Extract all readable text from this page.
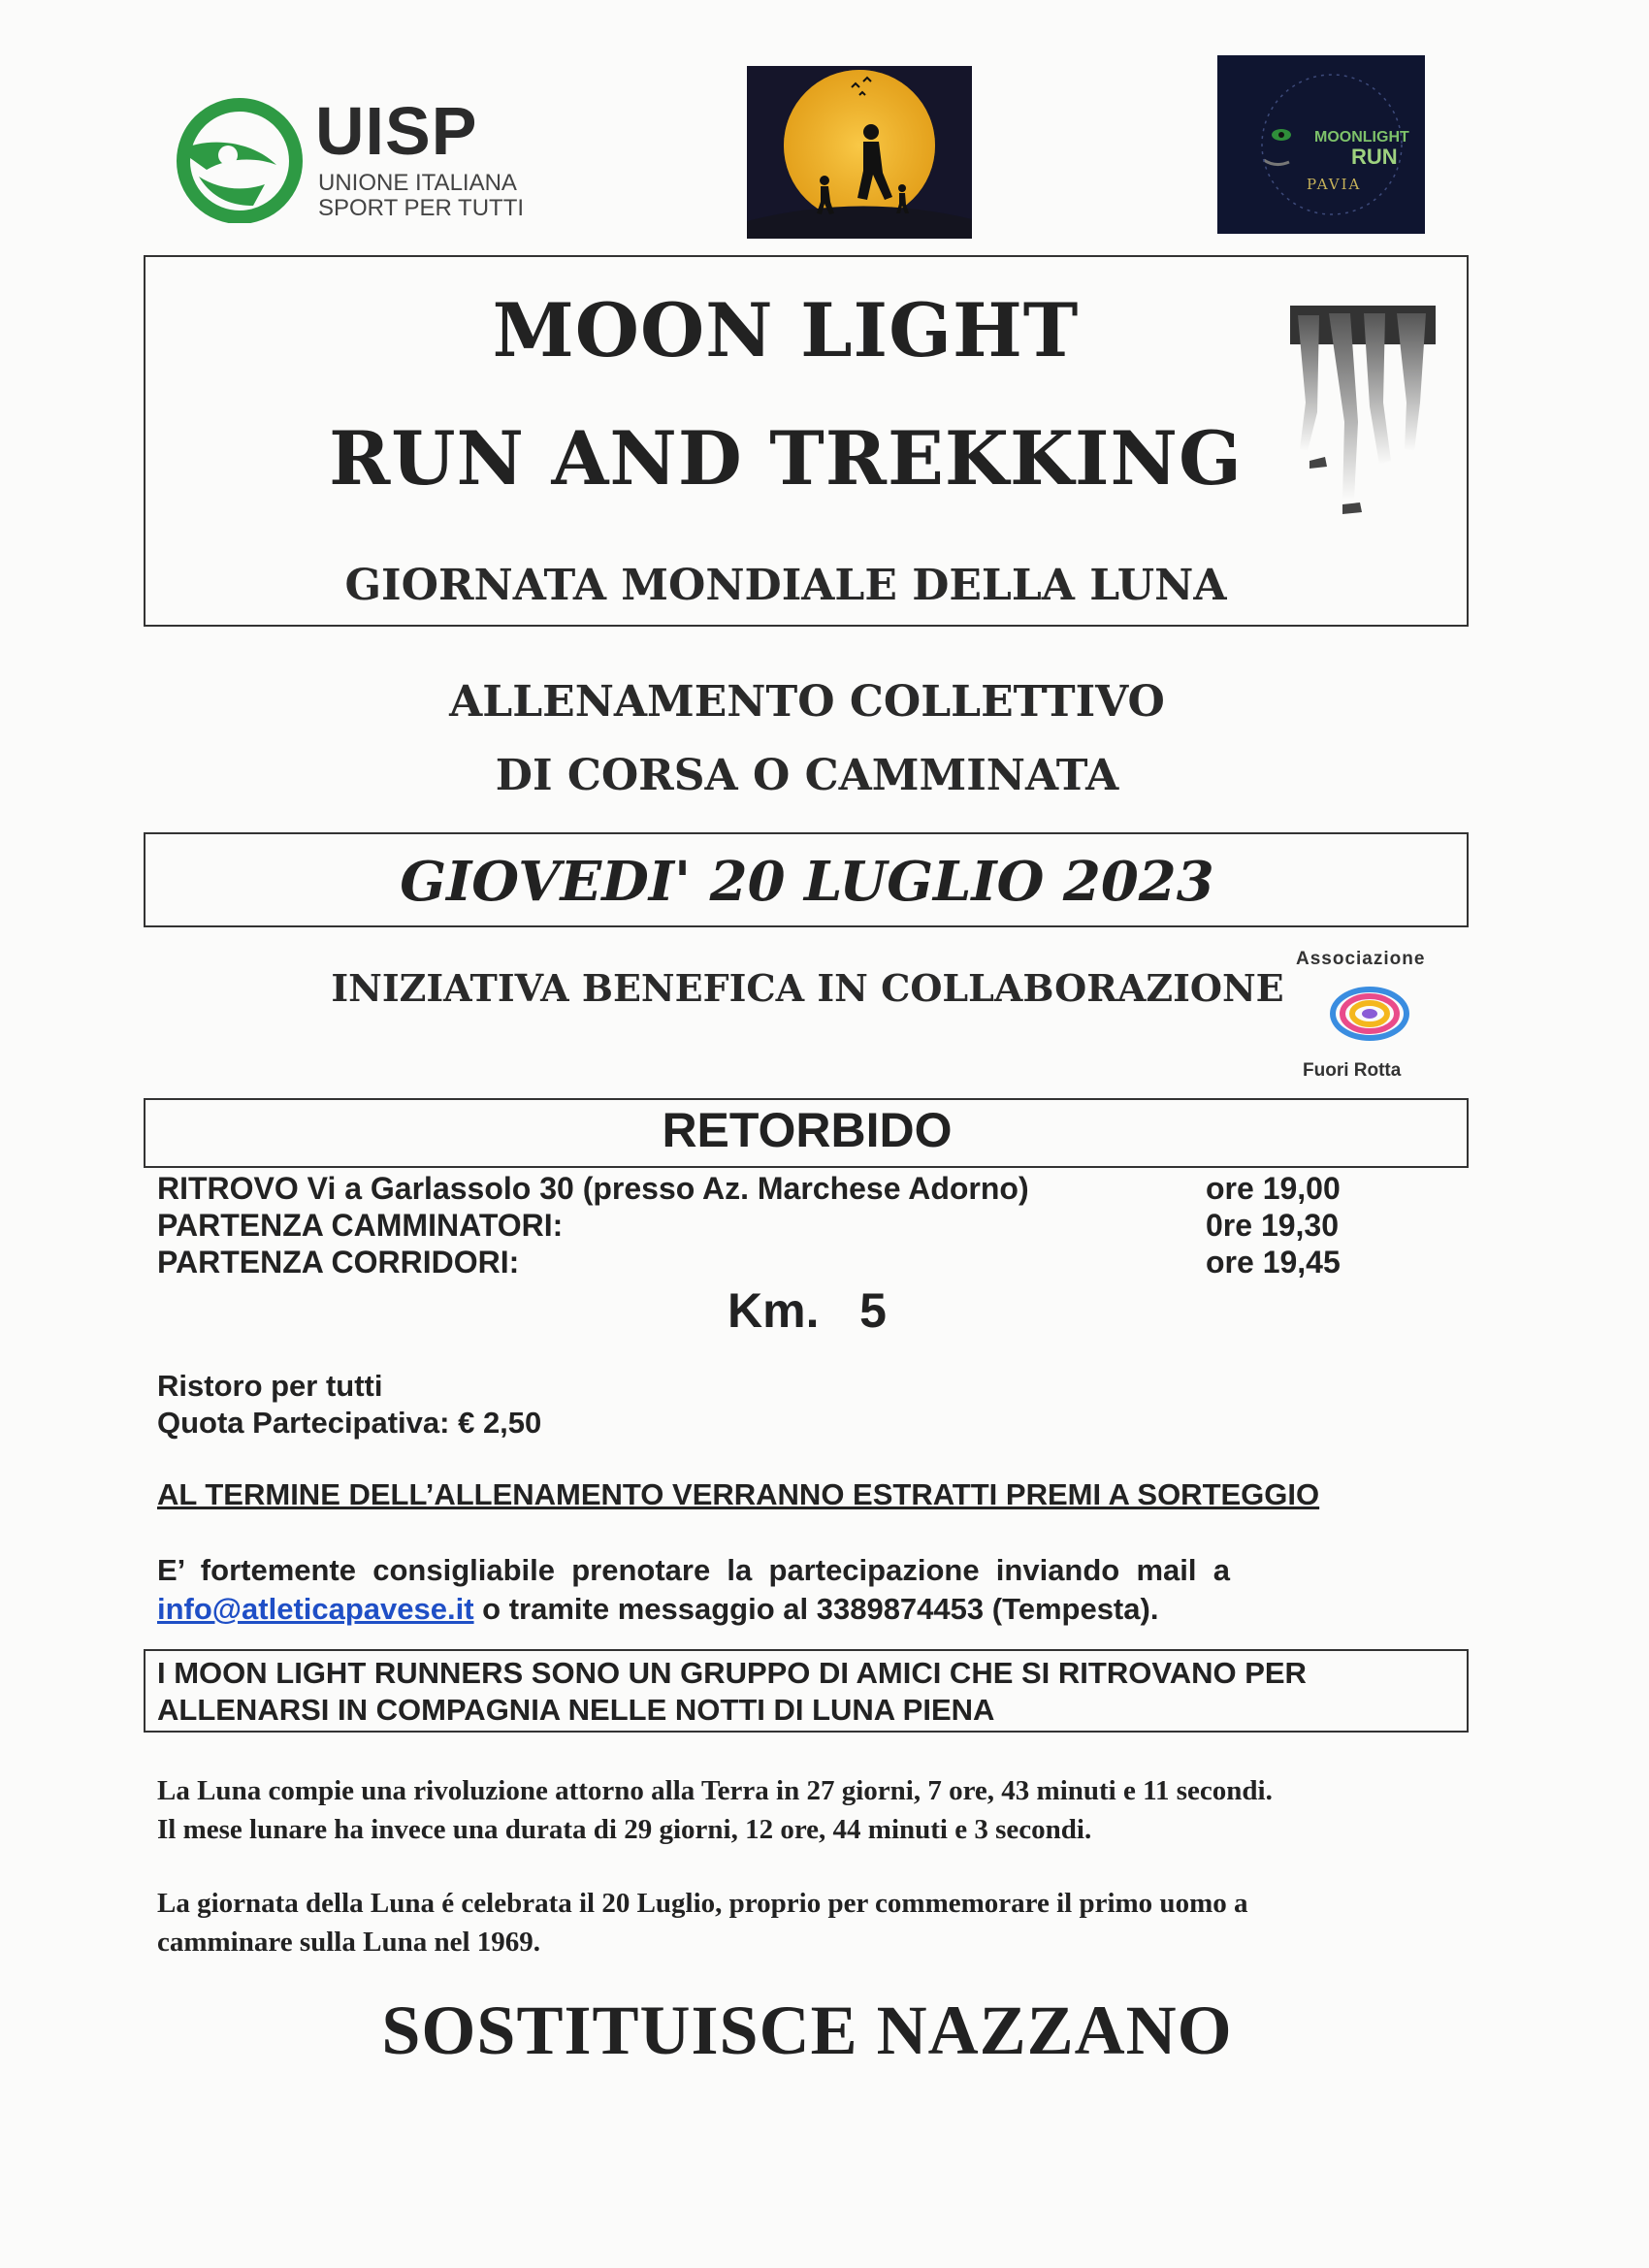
UISP
UNIONE ITALIANA
SPORT PER TUTTI
MOONLIGHT
RUN
PAVIA
MOON LIGHT
RUN AND TREKKING
GIORNATA MONDIALE DELLA LUNA
ALLENAMENTO COLLETTIVO
DI CORSA O CAMMINATA
GIOVEDI' 20 LUGLIO 2023
INIZIATIVA BENEFICA IN COLLABORAZIONE
Associazione
Fuori Rotta
RETORBIDO
RITROVO Vi a Garlassolo 30 (presso Az. Marchese Adorno)	ore 19,00
PARTENZA CAMMINATORI:	0re 19,30
PARTENZA CORRIDORI:	ore 19,45
Km.   5
Ristoro per tutti
Quota Partecipativa: € 2,50
AL TERMINE DELL’ALLENAMENTO VERRANNO ESTRATTI PREMI A SORTEGGIO
E’  fortemente  consigliabile  prenotare  la  partecipazione  inviando  mail  a
info@atleticapavese.it o tramite messaggio al 3389874453 (Tempesta).
I MOON LIGHT RUNNERS SONO UN GRUPPO DI AMICI CHE SI RITROVANO PER
ALLENARSI IN COMPAGNIA NELLE NOTTI DI LUNA PIENA
La Luna compie una rivoluzione attorno alla Terra in 27 giorni, 7 ore, 43 minuti e 11 secondi.
Il mese lunare ha invece una durata di 29 giorni, 12 ore, 44 minuti e 3 secondi.
La giornata della Luna é celebrata il 20 Luglio, proprio per commemorare il primo uomo a
camminare sulla Luna nel 1969.
SOSTITUISCE NAZZANO
